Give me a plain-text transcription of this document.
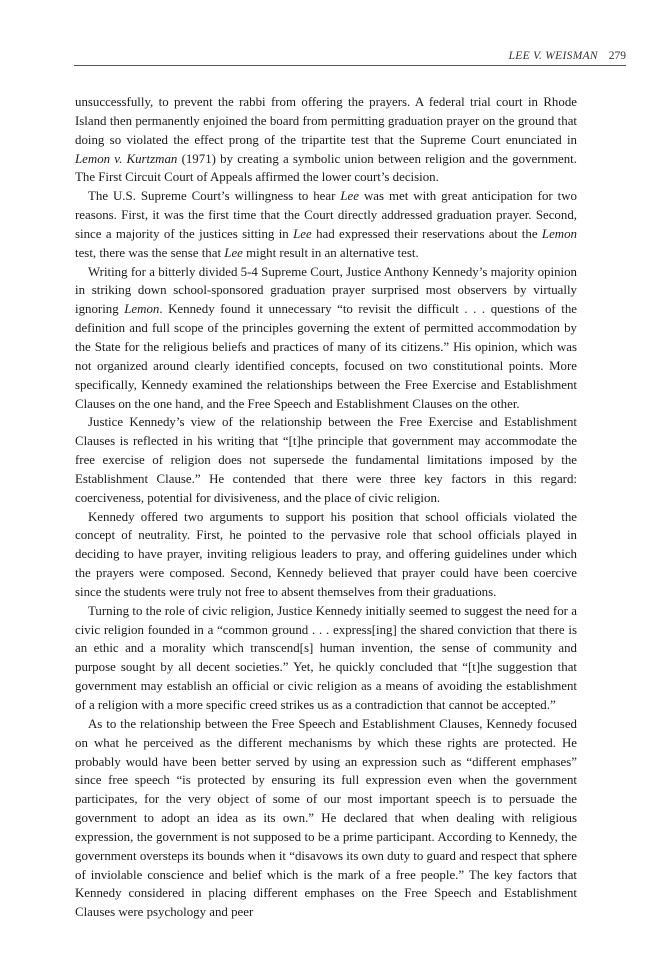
LEE V. WEISMAN 279

unsuccessfully, to prevent the rabbi from offering the prayers. A federal trial court in Rhode Island then permanently enjoined the board from permitting graduation prayer on the ground that doing so violated the effect prong of the tripartite test that the Supreme Court enunciated in Lemon v. Kurtzman (1971) by creating a symbolic union between religion and the government. The First Circuit Court of Appeals affirmed the lower court’s decision.

The U.S. Supreme Court’s willingness to hear Lee was met with great anticipation for two reasons. First, it was the first time that the Court directly addressed graduation prayer. Second, since a majority of the justices sitting in Lee had expressed their reservations about the Lemon test, there was the sense that Lee might result in an alternative test.

Writing for a bitterly divided 5-4 Supreme Court, Justice Anthony Kennedy’s majority opinion in striking down school-sponsored graduation prayer surprised most observers by virtually ignoring Lemon. Kennedy found it unnecessary “to revisit the difficult . . . questions of the definition and full scope of the principles governing the extent of permitted accommodation by the State for the religious beliefs and practices of many of its citizens.” His opinion, which was not organized around clearly identified concepts, focused on two constitutional points. More specifically, Kennedy examined the relationships between the Free Exercise and Establishment Clauses on the one hand, and the Free Speech and Establishment Clauses on the other.

Justice Kennedy’s view of the relationship between the Free Exercise and Establishment Clauses is reflected in his writing that “[t]he principle that government may accommodate the free exercise of religion does not supersede the fundamental limitations imposed by the Establishment Clause.” He contended that there were three key factors in this regard: coerciveness, potential for divisiveness, and the place of civic religion.

Kennedy offered two arguments to support his position that school officials violated the concept of neutrality. First, he pointed to the pervasive role that school officials played in deciding to have prayer, inviting religious leaders to pray, and offering guidelines under which the prayers were composed. Second, Kennedy believed that prayer could have been coercive since the students were truly not free to absent themselves from their graduations.

Turning to the role of civic religion, Justice Kennedy initially seemed to suggest the need for a civic religion founded in a “common ground . . . express[ing] the shared conviction that there is an ethic and a morality which transcend[s] human invention, the sense of community and purpose sought by all decent societies.” Yet, he quickly concluded that “[t]he suggestion that government may establish an official or civic religion as a means of avoiding the establishment of a religion with a more specific creed strikes us as a contradiction that cannot be accepted.”

As to the relationship between the Free Speech and Establishment Clauses, Kennedy focused on what he perceived as the different mechanisms by which these rights are protected. He probably would have been better served by using an expression such as “different emphases” since free speech “is protected by ensuring its full expression even when the government participates, for the very object of some of our most important speech is to persuade the government to adopt an idea as its own.” He declared that when dealing with religious expression, the government is not supposed to be a prime participant. According to Kennedy, the government oversteps its bounds when it “disavows its own duty to guard and respect that sphere of inviolable conscience and belief which is the mark of a free people.” The key factors that Kennedy considered in placing different emphases on the Free Speech and Establishment Clauses were psychology and peer
